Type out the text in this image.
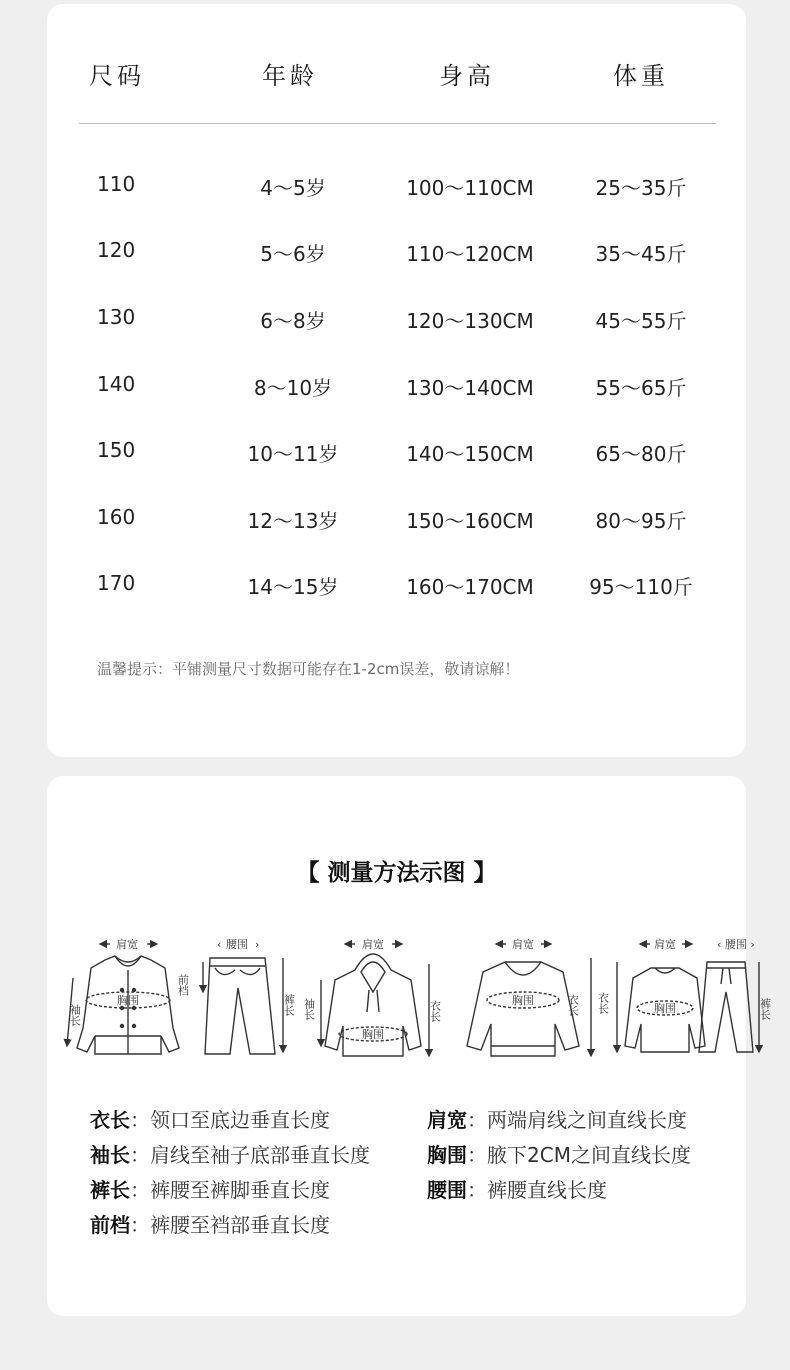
尺码	年龄	身高	体重
110	4～5岁	100～110CM	25～35斤
120	5～6岁	110～120CM	35～45斤
130	6～8岁	120～130CM	45～55斤
140	8～10岁	130～140CM	55～65斤
150	10～11岁	140～150CM	65～80斤
160	12～13岁	150～160CM	80～95斤
170	14～15岁	160～170CM	95～110斤
温馨提示：平铺测量尺寸数据可能存在1-2cm误差，敬请谅解！
【 测量方法示图 】
肩宽
胸围
袖长
腰围
‹	›
前档
裤长
肩宽
胸围
袖长	衣长
肩宽
胸围	衣长
肩宽
胸围
衣长
‹ 腰围 ›
裤长
衣长：领口至底边垂直长度
袖长：肩线至袖子底部垂直长度
裤长：裤腰至裤脚垂直长度
前档：裤腰至裆部垂直长度
肩宽：两端肩线之间直线长度
胸围：腋下2CM之间直线长度
腰围：裤腰直线长度
